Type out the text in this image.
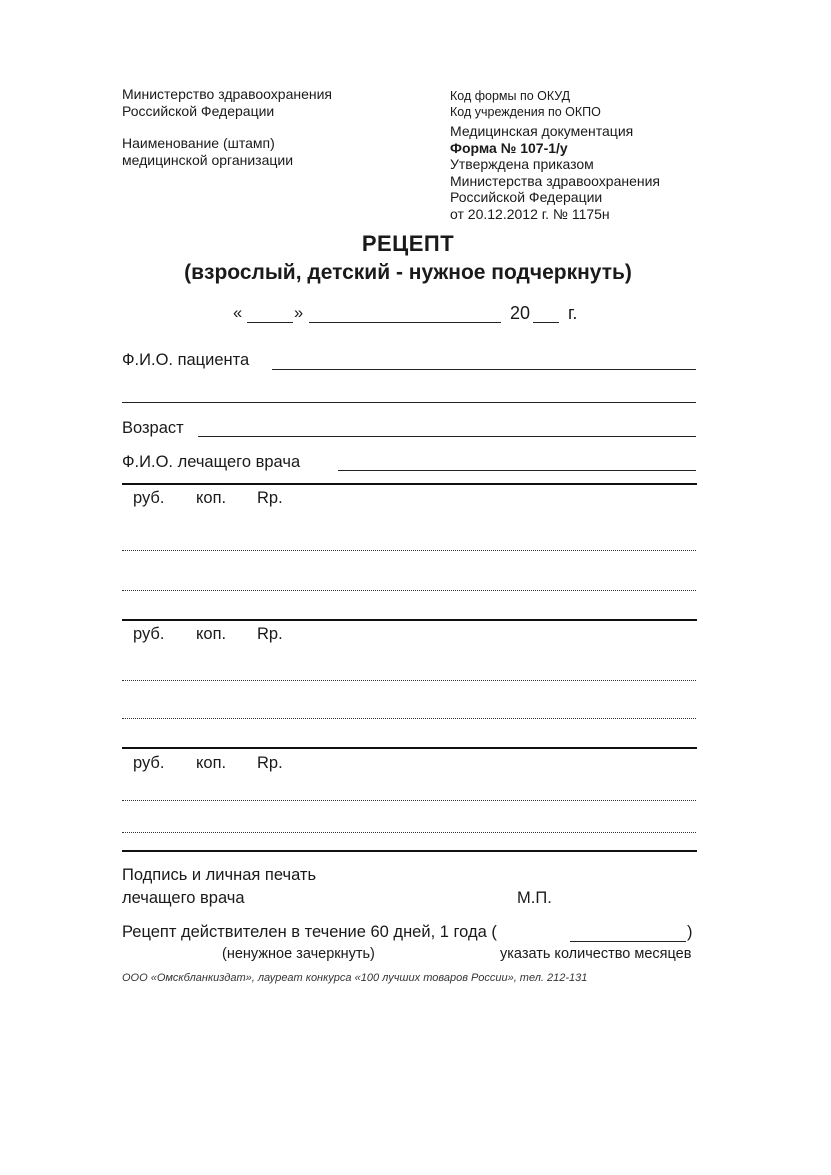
Министерство здравоохранения
Российской Федерации
Наименование (штамп)
медицинской организации
Код формы по ОКУД
Код учреждения по ОКПО
Медицинская документация
Форма № 107-1/у
Утверждена приказом
Министерства здравоохранения
Российской Федерации
от 20.12.2012 г. № 1175н
РЕЦЕПТ
(взрослый, детский - нужное подчеркнуть)
«	»	20 г.
Ф.И.О. пациента
Возраст
Ф.И.О. лечащего врача
руб. коп. Rp.
руб. коп. Rp.
руб. коп. Rp.
Подпись и личная печать
лечащего врача	М.П.
Рецепт действителен в течение 60 дней, 1 года (	)
(ненужное зачеркнуть)	указать количество месяцев
ООО «Омскбланкиздат», лауреат конкурса «100 лучших товаров России», тел. 212-131
